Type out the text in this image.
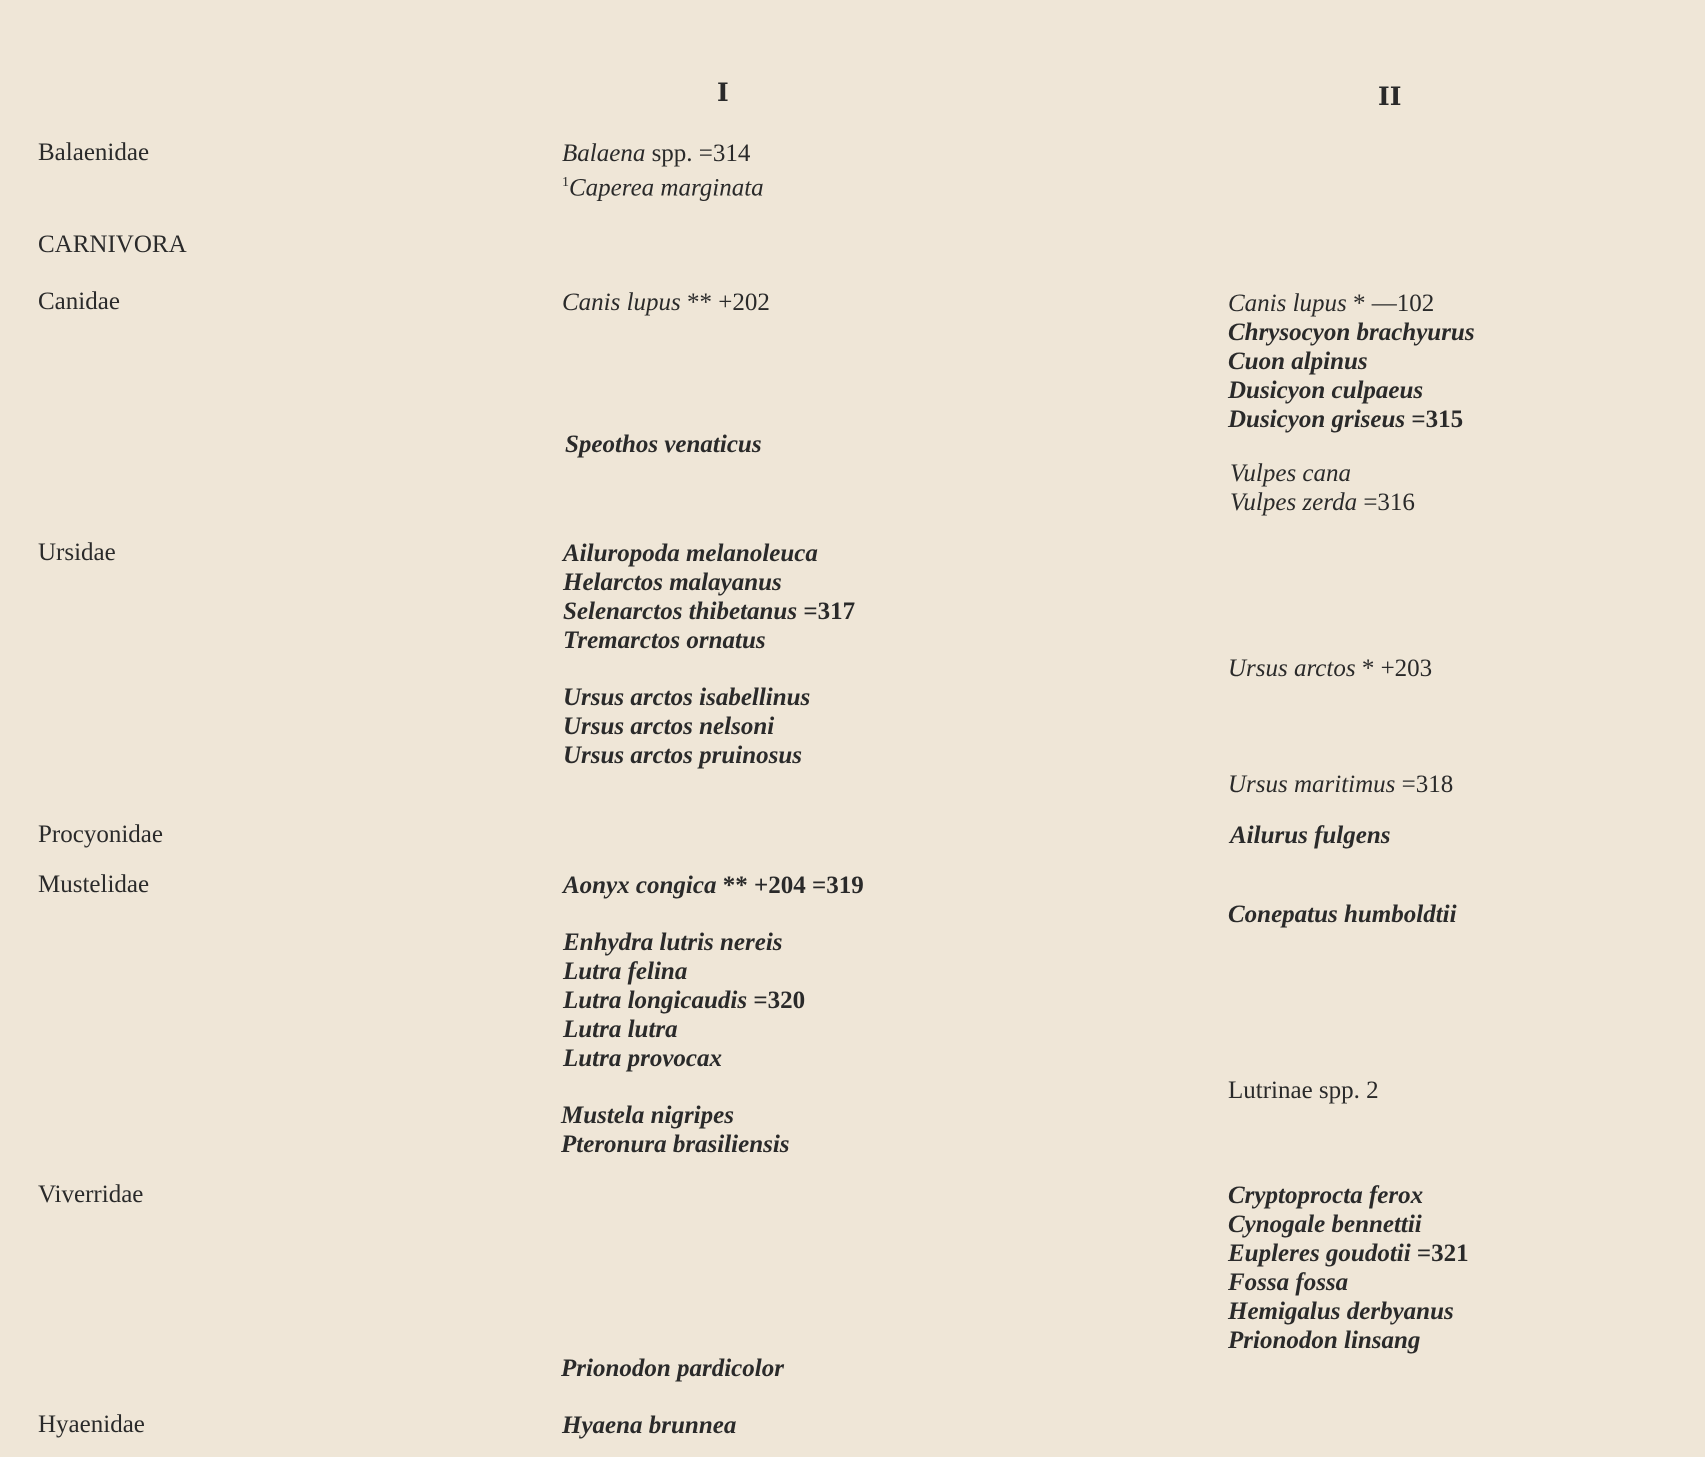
I	II
Balaenidae
CARNIVORA
Canidae
Ursidae
Procyonidae
Mustelidae
Viverridae
Hyaenidae
Balaena spp. =314
$^1$Caperea marginata
Canis lupus ** +202
Speothos venaticus
Ailuropoda melanoleuca
Helarctos malayanus
Selenarctos thibetanus =317
Tremarctos ornatus
Ursus arctos isabellinus
Ursus arctos nelsoni
Ursus arctos pruinosus
Aonyx congica ** +204 =319
Enhydra lutris nereis
Lutra felina
Lutra longicaudis =320
Lutra lutra
Lutra provocax
Mustela nigripes
Pteronura brasiliensis
Prionodon pardicolor
Hyaena brunnea
Canis lupus * —102
Chrysocyon brachyurus
Cuon alpinus
Dusicyon culpaeus
Dusicyon griseus =315
Vulpes cana
Vulpes zerda =316
Ursus arctos * +203
Ursus maritimus =318
Ailurus fulgens
Conepatus humboldtii
Lutrinae spp. 2
Cryptoprocta ferox
Cynogale bennettii
Eupleres goudotii =321
Fossa fossa
Hemigalus derbyanus
Prionodon linsang
